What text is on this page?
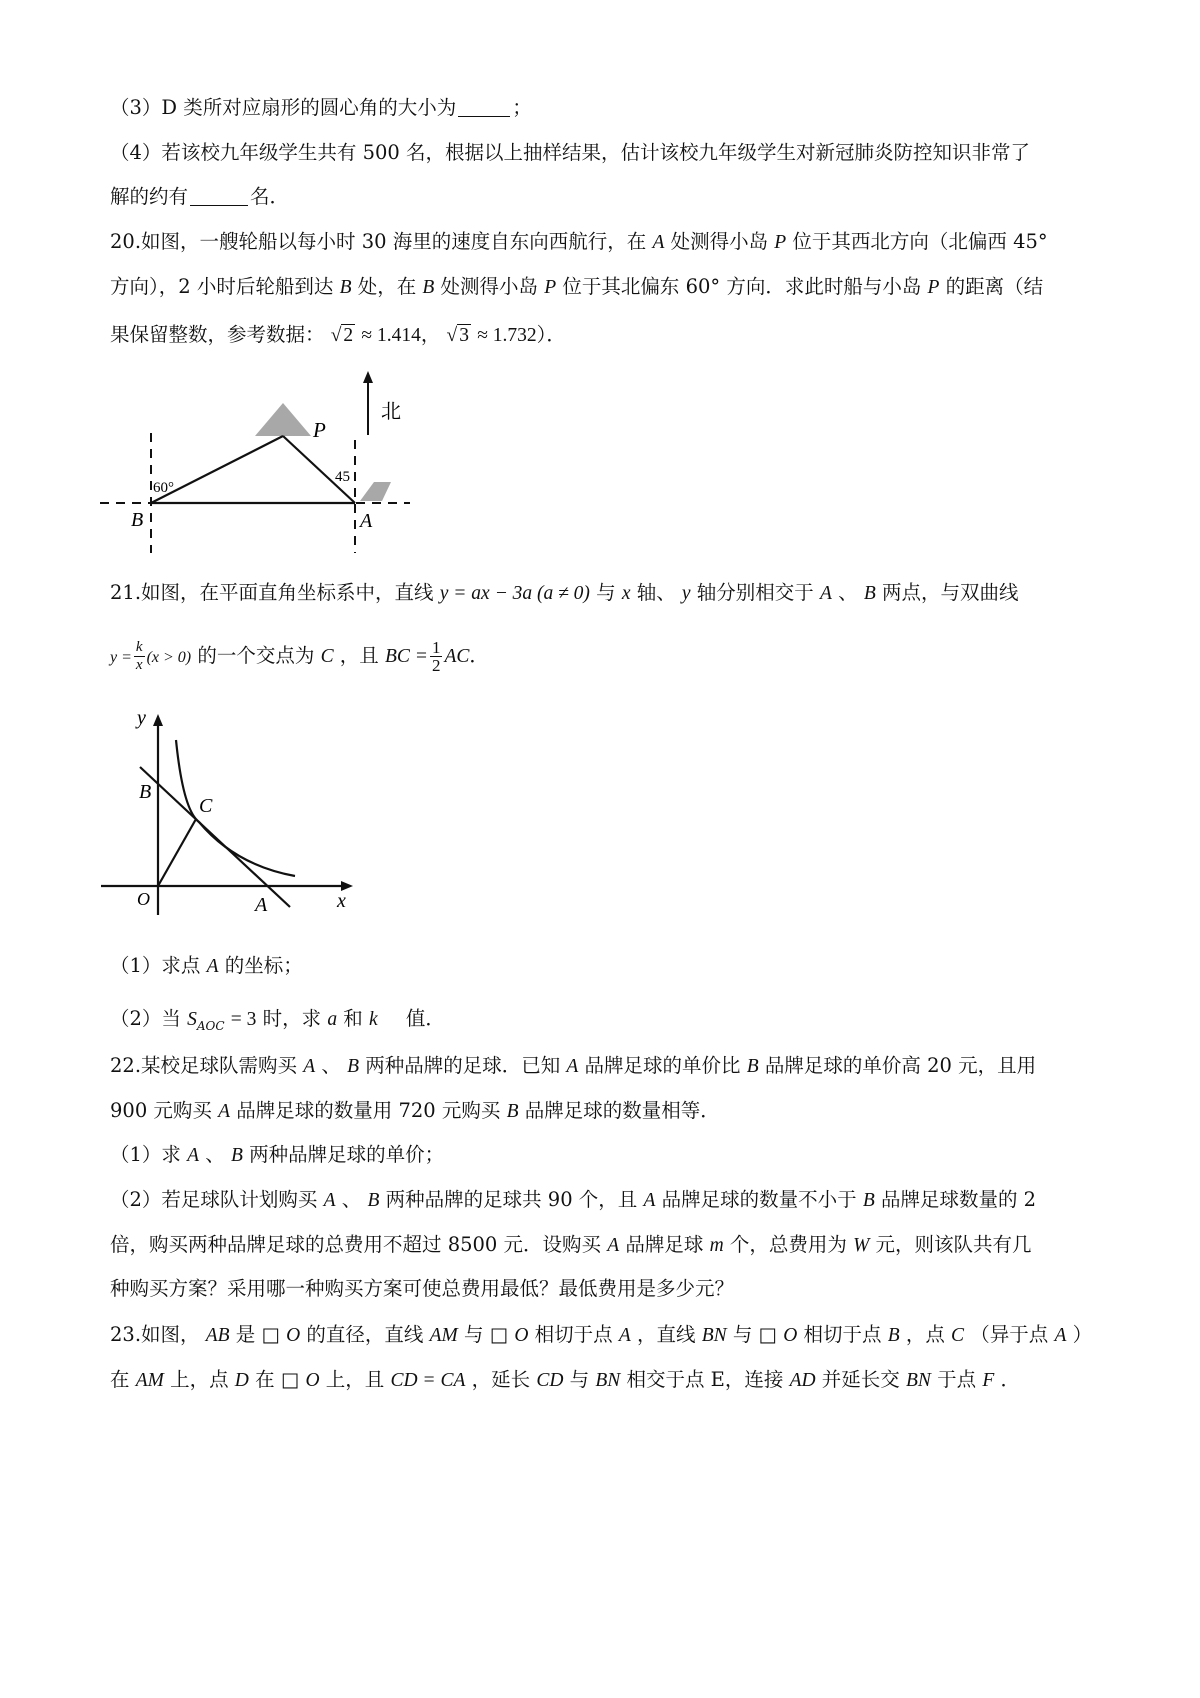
（3）D 类所对应扇形的圆心角的大小为	；
（4）若该校九年级学生共有 500 名，根据以上抽样结果，估计该校九年级学生对新冠肺炎防控知识非常了
解的约有	名．
20.如图，一艘轮船以每小时 30 海里的速度自东向西航行，在 A 处测得小岛 P 位于其西北方向（北偏西 45°
方向），2 小时后轮船到达 B 处，在 B 处测得小岛 P 位于其北偏东 60° 方向．求此时船与小岛 P 的距离（结
果保留整数，参考数据： √ 2 ≈ 1.414， √ 3 ≈ 1.732）．
北
P
A
B
60°
45
21.如图，在平面直角坐标系中，直线 y = ax − 3a (a ≠ 0) 与 x 轴、 y 轴分别相交于 A 、 B 两点，与双曲线
$y = \frac{k}{x} (x > 0)$ 的一个交点为 C ，且 BC = $\frac{1}{2}$ AC．
y
x
O	A
B
C
（1）求点 A 的坐标；
（2）当 $S_{AOC} = 3$ 时，求 a 和 k 值．
22.某校足球队需购买 A 、 B 两种品牌的足球．已知 A 品牌足球的单价比 B 品牌足球的单价高 20 元，且用
900 元购买 A 品牌足球的数量用 720 元购买 B 品牌足球的数量相等．
（1）求 A 、 B 两种品牌足球的单价；
（2）若足球队计划购买 A 、 B 两种品牌的足球共 90 个，且 A 品牌足球的数量不小于 B 品牌足球数量的 2
倍，购买两种品牌足球的总费用不超过 8500 元．设购买 A 品牌足球 m 个，总费用为 W 元，则该队共有几
种购买方案？采用哪一种购买方案可使总费用最低？最低费用是多少元？
23.如图， AB 是 □ O 的直径，直线 AM 与 □ O 相切于点 A ，直线 BN 与 □ O 相切于点 B ，点 C （异于点 A ）
在 AM 上，点 D 在 □ O 上，且 CD = CA ，延长 CD 与 BN 相交于点 E，连接 AD 并延长交 BN 于点 F ．
